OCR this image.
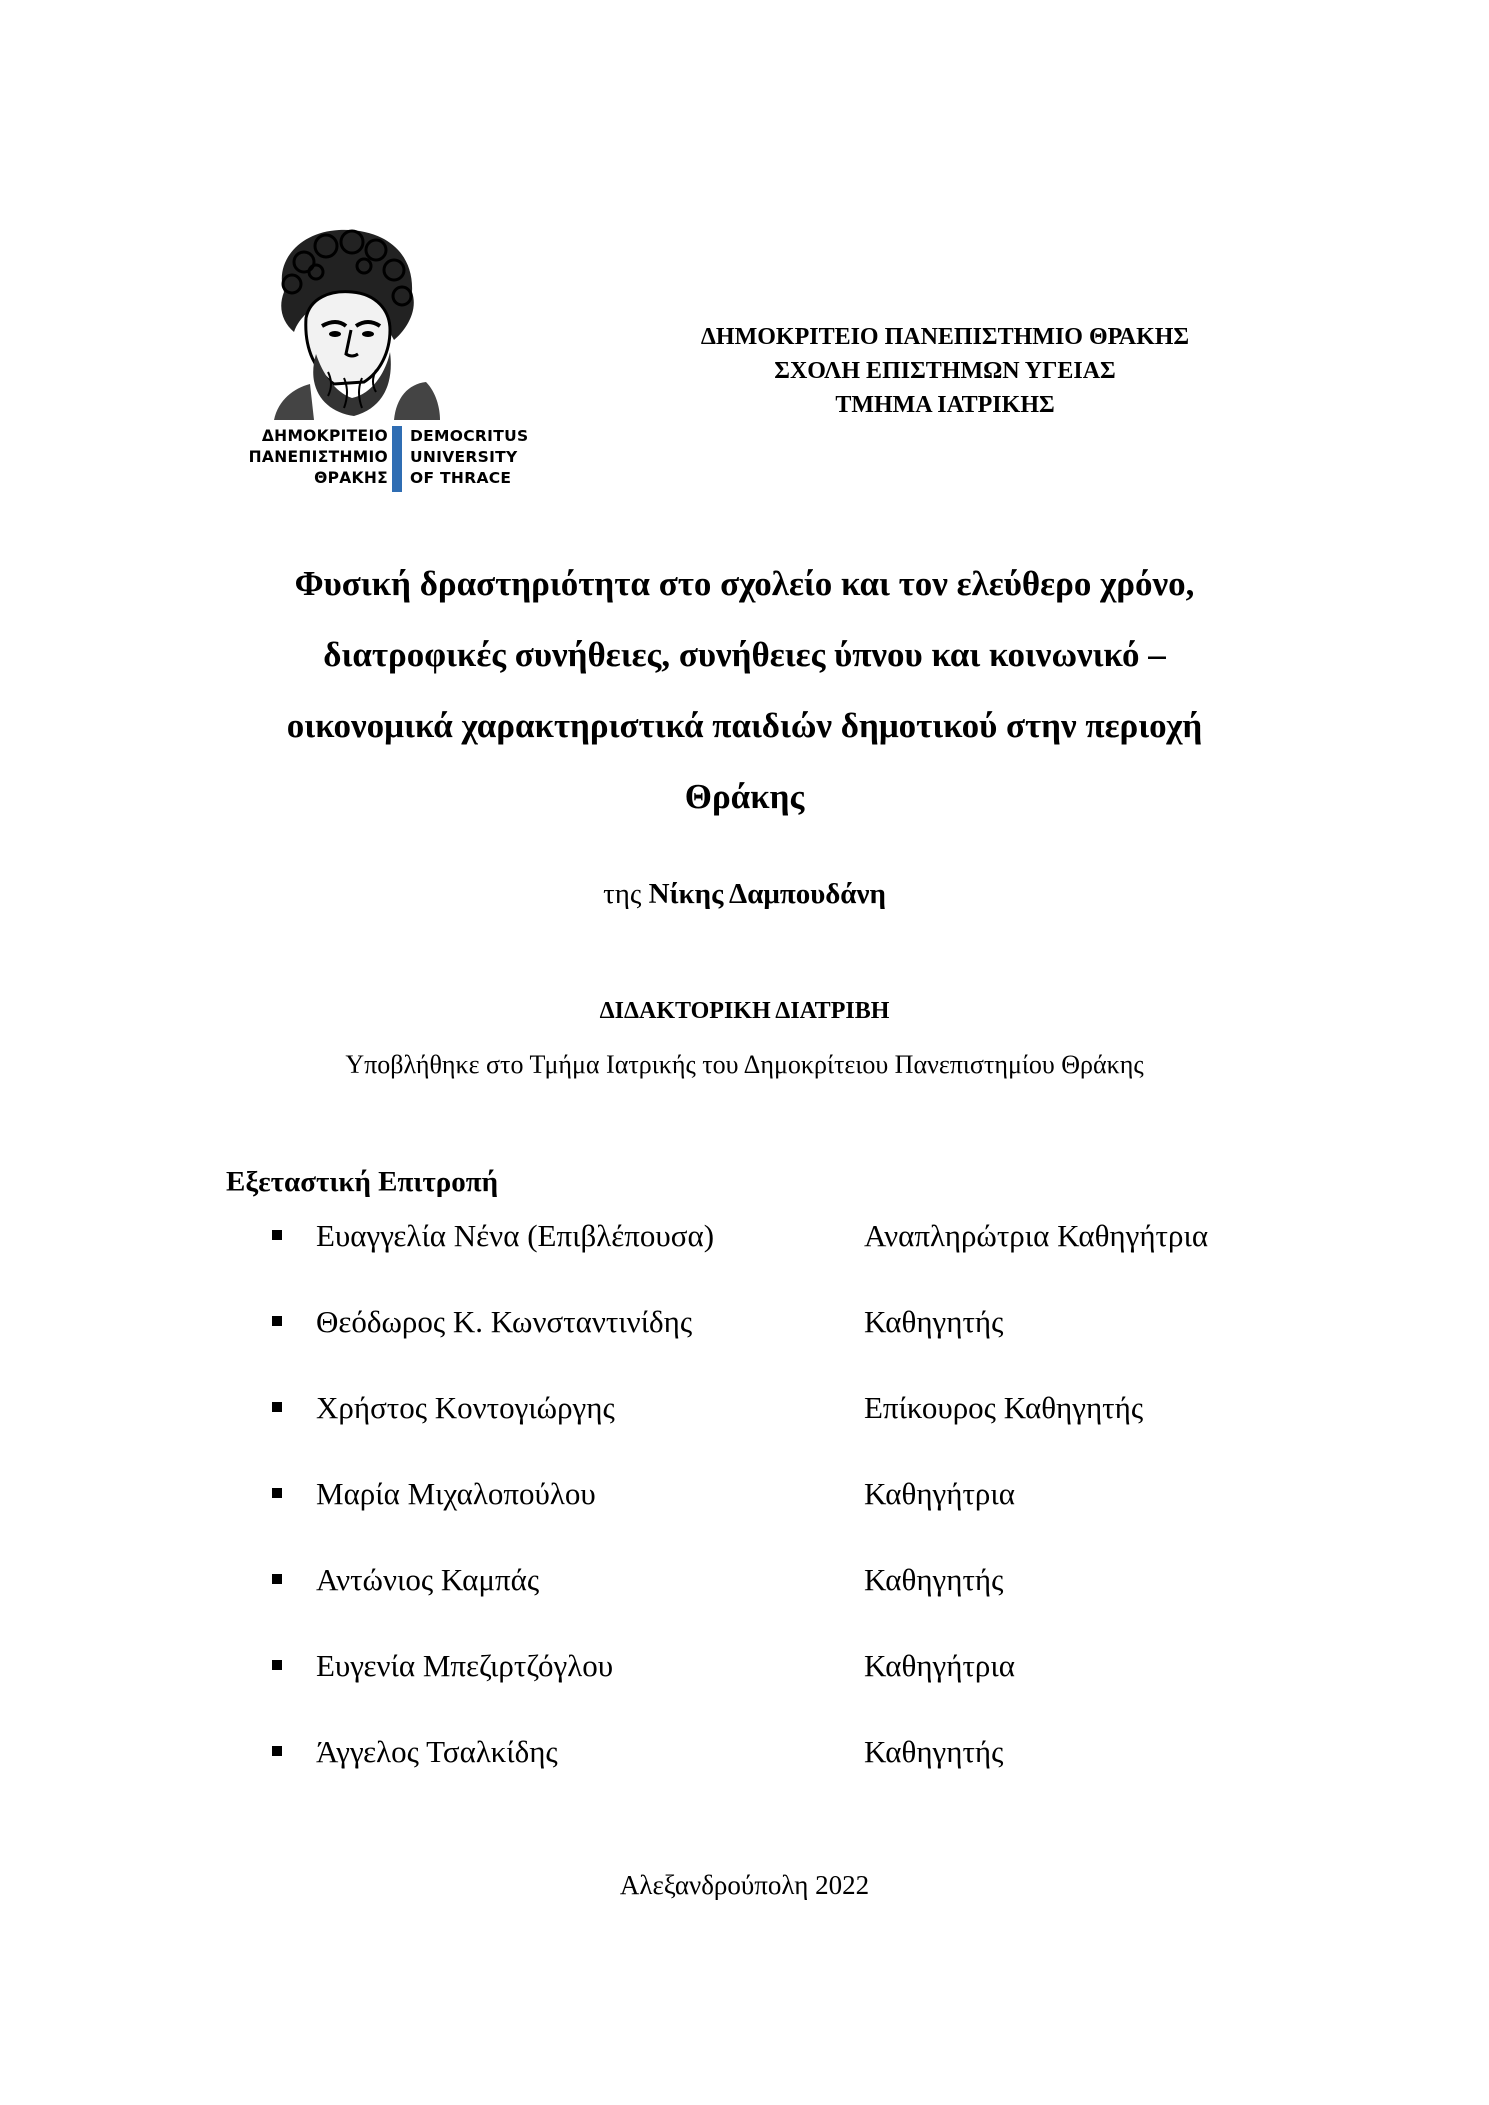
ΔΗΜΟΚΡΙΤΕΙΟ
ΠΑΝΕΠΙΣΤΗΜΙΟ
ΘΡΑΚΗΣ
DEMOCRITUS
UNIVERSITY
OF THRACE
ΔΗΜΟΚΡΙΤΕΙΟ ΠΑΝΕΠΙΣΤΗΜΙΟ ΘΡΑΚΗΣ
ΣΧΟΛΗ ΕΠΙΣΤΗΜΩΝ ΥΓΕΙΑΣ
ΤΜΗΜΑ ΙΑΤΡΙΚΗΣ
Φυσική δραστηριότητα στο σχολείο και τον ελεύθερο χρόνο,
διατροφικές συνήθειες, συνήθειες ύπνου και κοινωνικό –
οικονομικά χαρακτηριστικά παιδιών δημοτικού στην περιοχή
Θράκης
της Νίκης Δαμπουδάνη
ΔΙΔΑΚΤΟΡΙΚΗ ΔΙΑΤΡΙΒΗ
Υποβλήθηκε στο Τμήμα Ιατρικής του Δημοκρίτειου Πανεπιστημίου Θράκης
Εξεταστική Επιτροπή
Ευαγγελία Νένα (Επιβλέπουσα)	Αναπληρώτρια Καθηγήτρια
Θεόδωρος Κ. Κωνσταντινίδης	Καθηγητής
Χρήστος Κοντογιώργης	Επίκουρος Καθηγητής
Μαρία Μιχαλοπούλου	Καθηγήτρια
Αντώνιος Καμπάς	Καθηγητής
Ευγενία Μπεζιρτζόγλου	Καθηγήτρια
Άγγελος Τσαλκίδης	Καθηγητής
Αλεξανδρούπολη 2022
